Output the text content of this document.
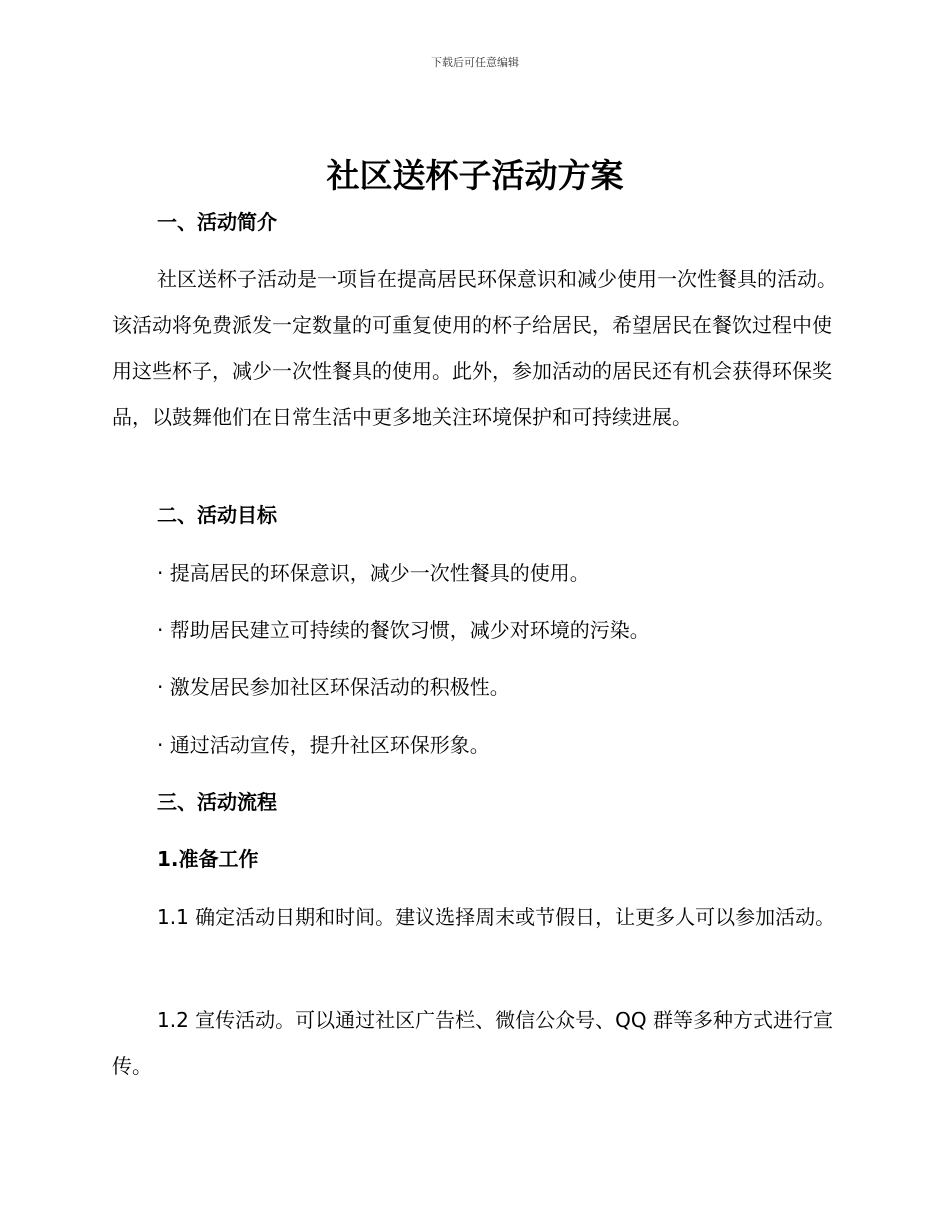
下载后可任意编辑
社区送杯子活动方案
一、活动简介
社区送杯子活动是一项旨在提高居民环保意识和减少使用一次性餐具的活动。该活动将免费派发一定数量的可重复使用的杯子给居民，希望居民在餐饮过程中使用这些杯子，减少一次性餐具的使用。此外，参加活动的居民还有机会获得环保奖品，以鼓舞他们在日常生活中更多地关注环境保护和可持续进展。
二、活动目标
· 提高居民的环保意识，减少一次性餐具的使用。
· 帮助居民建立可持续的餐饮习惯，减少对环境的污染。
· 激发居民参加社区环保活动的积极性。
· 通过活动宣传，提升社区环保形象。
三、活动流程
1.准备工作
1.1 确定活动日期和时间。建议选择周末或节假日，让更多人可以参加活动。
1.2 宣传活动。可以通过社区广告栏、微信公众号、QQ 群等多种方式进行宣传。
